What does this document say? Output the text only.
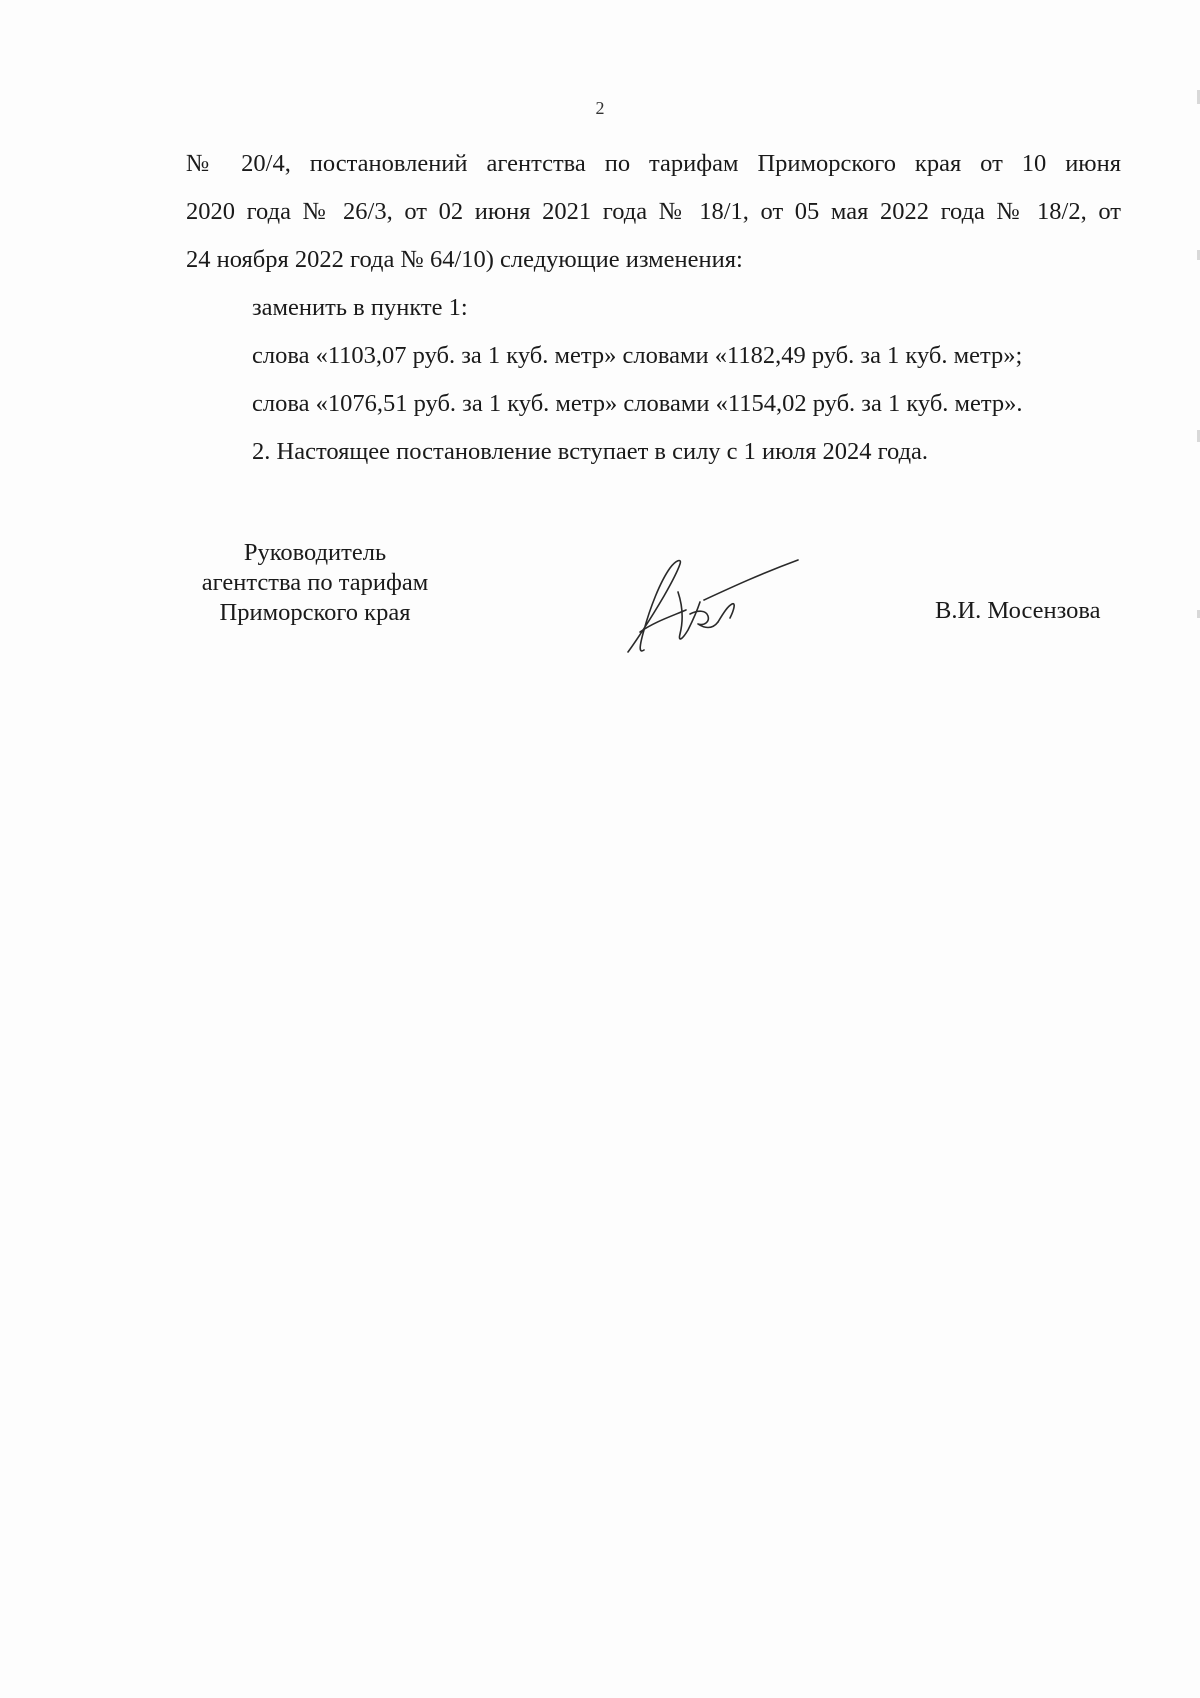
2
№ 20/4, постановлений агентства по тарифам Приморского края от 10 июня
2020 года № 26/3, от 02 июня 2021 года № 18/1, от 05 мая 2022 года № 18/2, от
24 ноября 2022 года № 64/10) следующие изменения:
заменить в пункте 1:
слова «1103,07 руб. за 1 куб. метр» словами «1182,49 руб. за 1 куб. метр»;
слова «1076,51 руб. за 1 куб. метр» словами «1154,02 руб. за 1 куб. метр».
2. Настоящее постановление вступает в силу с 1 июля 2024 года.
Руководитель
агентства по тарифам
Приморского края	В.И. Мосензова
